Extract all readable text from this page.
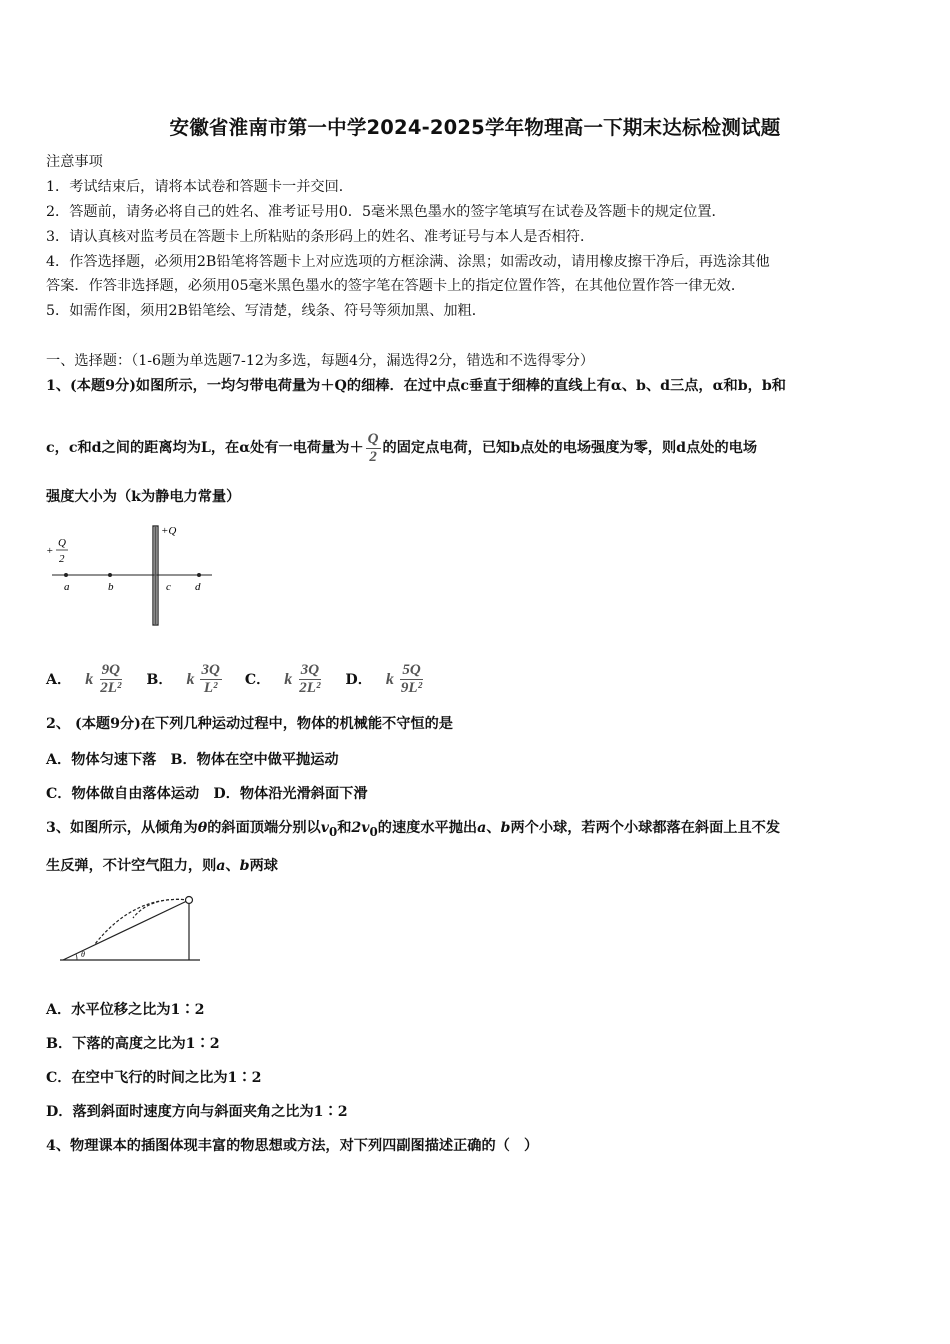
安徽省淮南市第一中学2024-2025学年物理高一下期末达标检测试题
注意事项
1．考试结束后，请将本试卷和答题卡一并交回．
2．答题前，请务必将自己的姓名、准考证号用0．5毫米黑色墨水的签字笔填写在试卷及答题卡的规定位置．
3．请认真核对监考员在答题卡上所粘贴的条形码上的姓名、准考证号与本人是否相符．
4．作答选择题，必须用2B铅笔将答题卡上对应选项的方框涂满、涂黑；如需改动，请用橡皮擦干净后，再选涂其他
答案．作答非选择题，必须用05毫米黑色墨水的签字笔在答题卡上的指定位置作答，在其他位置作答一律无效．
5．如需作图，须用2B铅笔绘、写清楚，线条、符号等须加黑、加粗．
一、选择题：（1-6题为单选题7-12为多选，每题4分，漏选得2分，错选和不选得零分）
1、(本题9分)如图所示，一均匀带电荷量为＋Q的细棒．在过中点c垂直于细棒的直线上有α、b、d三点，α和b，b和
c，c和d之间的距离均为L，在α处有一电荷量为＋ $\frac{Q}{2}$ 的固定点电荷，已知b点处的电场强度为零，则d点处的电场
强度大小为（k为静电力常量）
+
Q
2
+Q
a	b	c d
A． k $\frac{9Q}{\text{2L²}}$
B． k $\frac{3Q}{\text{L²}}$
C． k $\frac{3Q}{\text{2L²}}$
D． k $\frac{5Q}{\text{9L²}}$
2、 (本题9分)在下列几种运动过程中，物体的机械能不守恒的是
A．物体匀速下落　B．物体在空中做平抛运动
C．物体做自由落体运动　D．物体沿光滑斜面下滑
3、如图所示，从倾角为θ的斜面顶端分别以$v_0$和$2v_0$的速度水平抛出a、b两个小球，若两个小球都落在斜面上且不发
生反弹，不计空气阻力，则a、b两球
θ
A．水平位移之比为1∶2
B．下落的高度之比为1∶2
C．在空中飞行的时间之比为1∶2
D．落到斜面时速度方向与斜面夹角之比为1∶2
4、物理课本的插图体现丰富的物思想或方法，对下列四副图描述正确的（　）
